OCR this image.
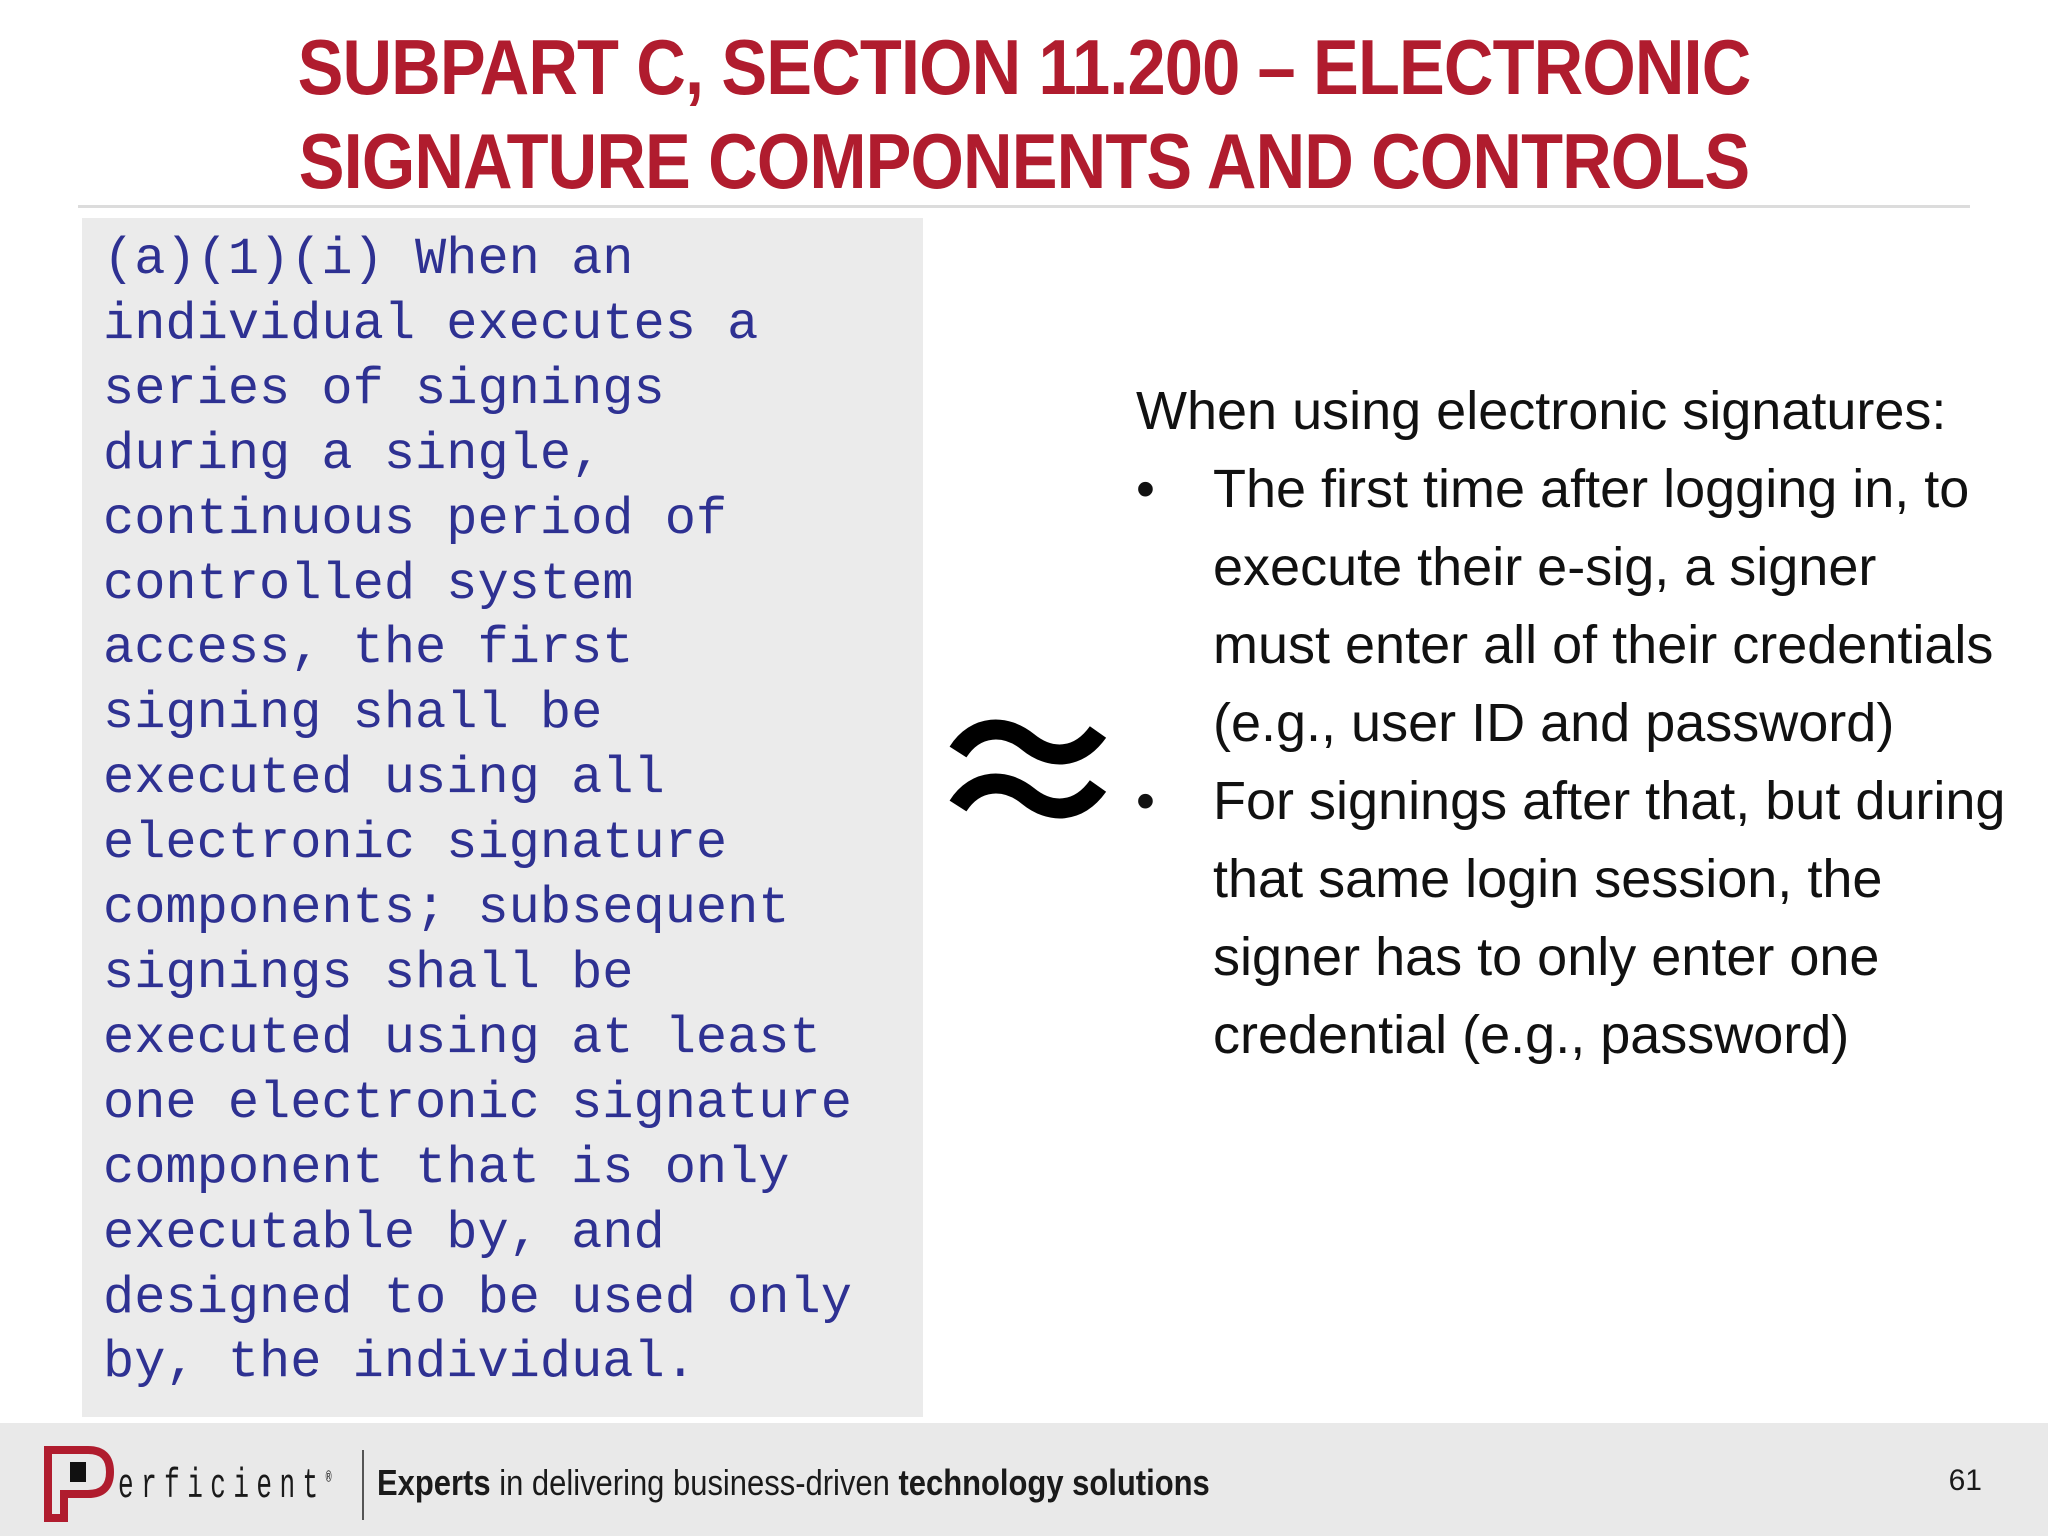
SUBPART C, SECTION 11.200 – ELECTRONIC
SIGNATURE COMPONENTS AND CONTROLS
(a)(1)(i) When an
individual executes a
series of signings
during a single,
continuous period of
controlled system
access, the first
signing shall be
executed using all
electronic signature
components; subsequent
signings shall be
executed using at least
one electronic signature
component that is only
executable by, and
designed to be used only
by, the individual.

When using electronic signatures:

•	The first time after logging in, to execute their e-sig, a signer must enter all of their credentials (e.g., user ID and password)
•	For signings after that, but during that same login session, the signer has to only enter one credential (e.g., password)
erficient® Experts in delivering business-driven technology solutions	61
